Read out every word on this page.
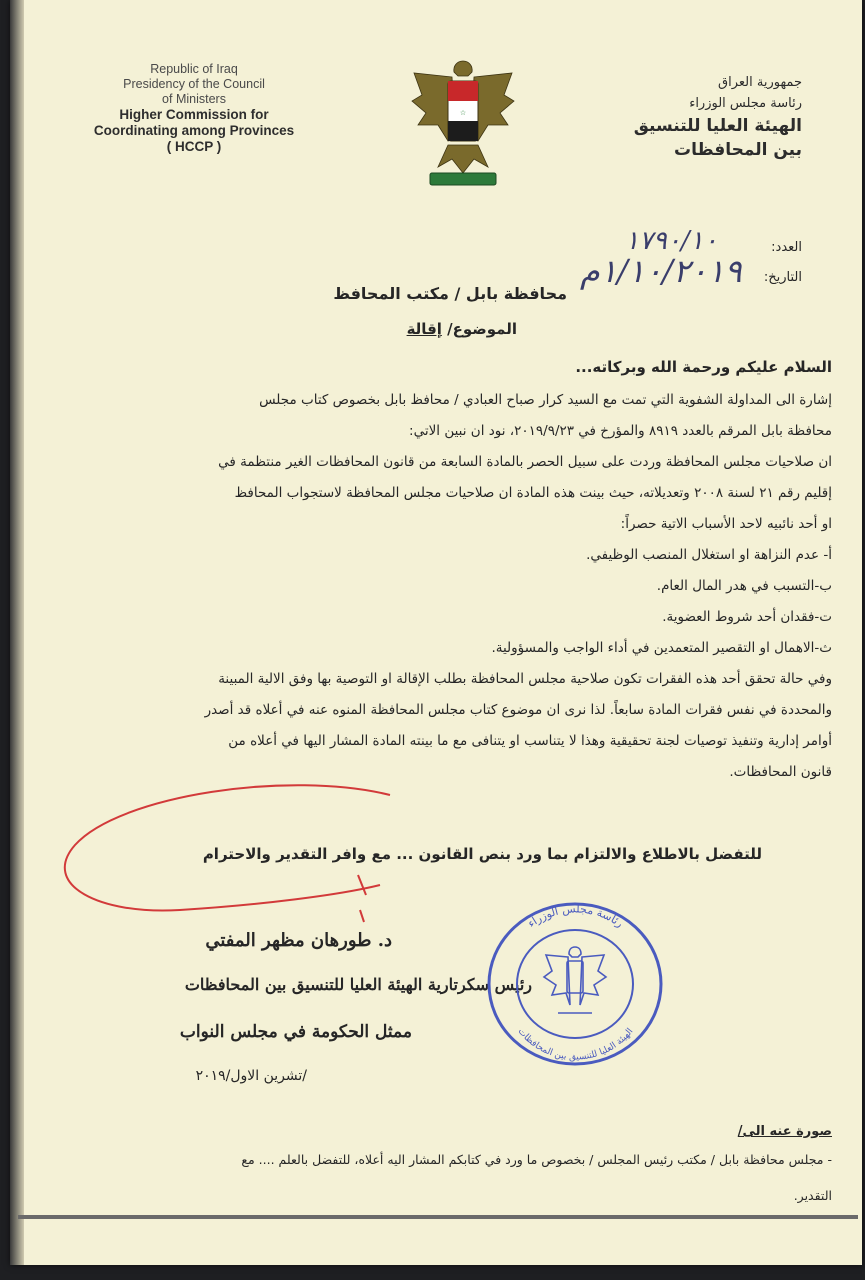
Republic of Iraq
Presidency of the Council
of Ministers
Higher Commission for
Coordinating among Provinces
( HCCP )
☆
جمهورية العراق
رئاسة مجلس الوزراء
الهيئة العليا للتنسيق
بين المحافظات
العدد:
١٧٩٠/١٠
التاريخ:
١/١٠/٢٠١٩م
محافظة بابل / مكتب المحافظ
الموضوع/ إقالة
السلام عليكم ورحمة الله وبركاته...
إشارة الى المداولة الشفوية التي تمت مع السيد كرار صباح العبادي / محافظ بابل بخصوص كتاب مجلس
محافظة بابل المرقم بالعدد ٨٩١٩ والمؤرخ في ٢٠١٩/٩/٢٣، نود ان نبين الاتي:
ان صلاحيات مجلس المحافظة وردت على سبيل الحصر بالمادة السابعة من قانون المحافظات الغير منتظمة في
إقليم رقم ٢١ لسنة ٢٠٠٨ وتعديلاته، حيث بينت هذه المادة ان صلاحيات مجلس المحافظة لاستجواب المحافظ
او أحد نائبيه لاحد الأسباب الاتية حصراً:
أ- عدم النزاهة او استغلال المنصب الوظيفي.
ب-التسبب في هدر المال العام.
ت-فقدان أحد شروط العضوية.
ث-الاهمال او التقصير المتعمدين في أداء الواجب والمسؤولية.
وفي حالة تحقق أحد هذه الفقرات تكون صلاحية مجلس المحافظة بطلب الإقالة او التوصية بها وفق الالية المبينة
والمحددة في نفس فقرات المادة سابعاً. لذا نرى ان موضوع كتاب مجلس المحافظة المنوه عنه في أعلاه قد أصدر
أوامر إدارية وتنفيذ توصيات لجنة تحقيقية وهذا لا يتناسب او يتنافى مع ما بينته المادة المشار اليها في أعلاه من
قانون المحافظات.
للتفضل بالاطلاع والالتزام بما ورد بنص القانون ... مع وافر التقدير والاحترام
د. طورهان مظهر المفتي
رئيس سكرتارية الهيئة العليا للتنسيق بين المحافظات
ممثل الحكومة في مجلس النواب
/تشرين الاول/٢٠١٩
رئاسة مجلس الوزراء
الهيئة العليا للتنسيق بين المحافظات
صورة عنه الى/
- مجلس محافظة بابل / مكتب رئيس المجلس / بخصوص ما ورد في كتابكم المشار اليه أعلاه، للتفضل بالعلم .... مع
التقدير.
